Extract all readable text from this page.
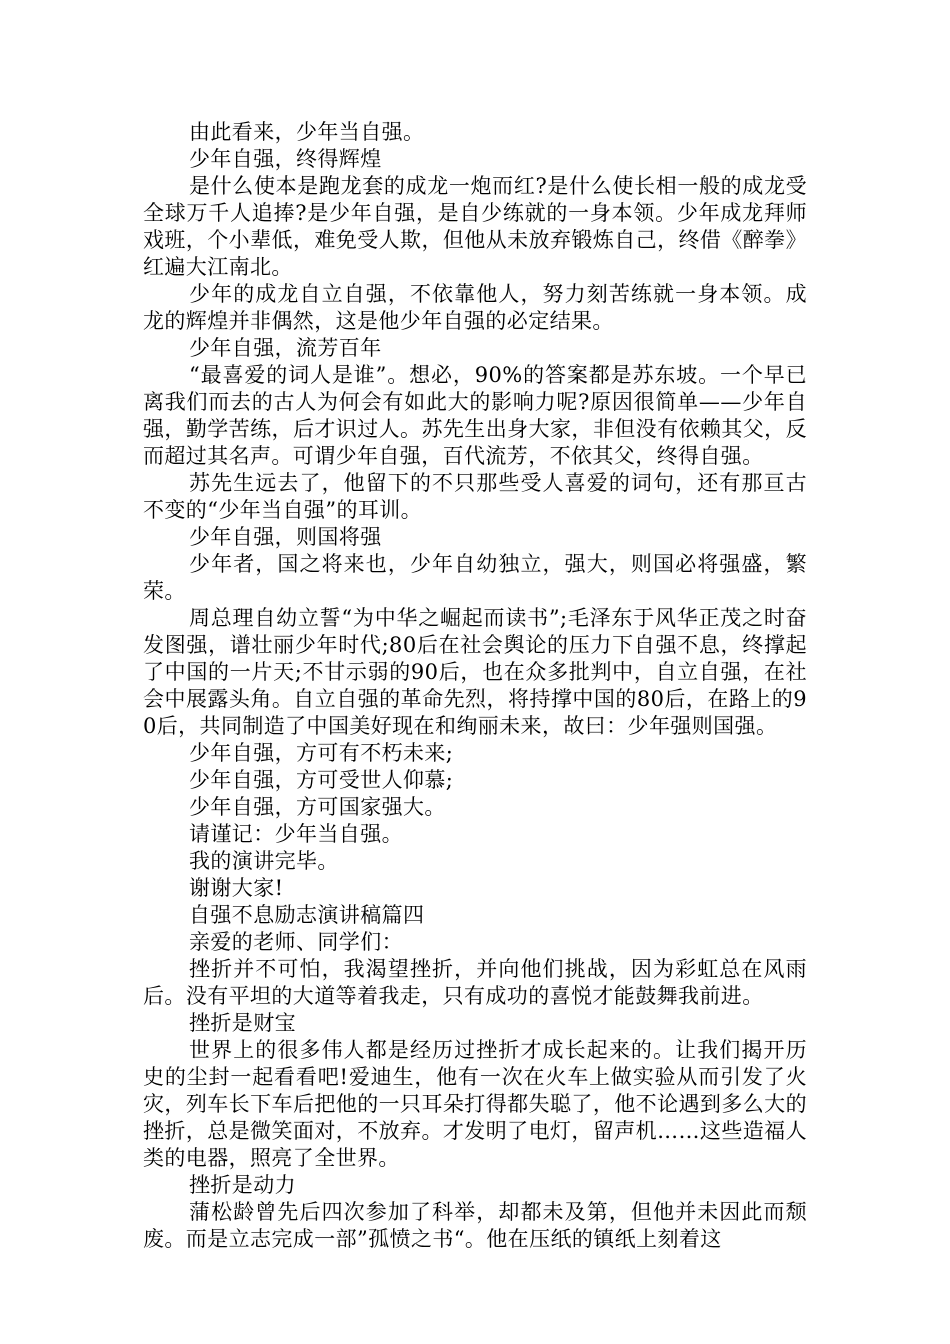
由此看来，少年当自强。

少年自强，终得辉煌

是什么使本是跑龙套的成龙一炮而红?是什么使长相一般的成龙受全球万千人追捧?是少年自强，是自少练就的一身本领。少年成龙拜师戏班，个小辈低，难免受人欺，但他从未放弃锻炼自己，终借《醉拳》红遍大江南北。

少年的成龙自立自强，不依靠他人，努力刻苦练就一身本领。成龙的辉煌并非偶然，这是他少年自强的必定结果。

少年自强，流芳百年

“最喜爱的词人是谁”。想必，90%的答案都是苏东坡。一个早已离我们而去的古人为何会有如此大的影响力呢?原因很简单——少年自强，勤学苦练，后才识过人。苏先生出身大家，非但没有依赖其父，反而超过其名声。可谓少年自强，百代流芳，不依其父，终得自强。

苏先生远去了，他留下的不只那些受人喜爱的词句，还有那亘古不变的“少年当自强”的耳训。

少年自强，则国将强

少年者，国之将来也，少年自幼独立，强大，则国必将强盛，繁荣。

周总理自幼立誓“为中华之崛起而读书”;毛泽东于风华正茂之时奋发图强，谱壮丽少年时代;80后在社会舆论的压力下自强不息，终撑起了中国的一片天;不甘示弱的90后，也在众多批判中，自立自强，在社会中展露头角。自立自强的革命先烈，将持撑中国的80后，在路上的90后，共同制造了中国美好现在和绚丽未来，故曰：少年强则国强。

少年自强，方可有不朽未来;

少年自强，方可受世人仰慕;

少年自强，方可国家强大。

请谨记：少年当自强。

我的演讲完毕。

谢谢大家!

自强不息励志演讲稿篇四

亲爱的老师、同学们：

挫折并不可怕，我渴望挫折，并向他们挑战，因为彩虹总在风雨后。没有平坦的大道等着我走，只有成功的喜悦才能鼓舞我前进。

挫折是财宝

世界上的很多伟人都是经历过挫折才成长起来的。让我们揭开历史的尘封一起看看吧!爱迪生，他有一次在火车上做实验从而引发了火灾，列车长下车后把他的一只耳朵打得都失聪了，他不论遇到多么大的挫折，总是微笑面对，不放弃。才发明了电灯，留声机……这些造福人类的电器，照亮了全世界。

挫折是动力

蒲松龄曾先后四次参加了科举，却都未及第，但他并未因此而颓废。而是立志完成一部”孤愤之书“。他在压纸的镇纸上刻着这
